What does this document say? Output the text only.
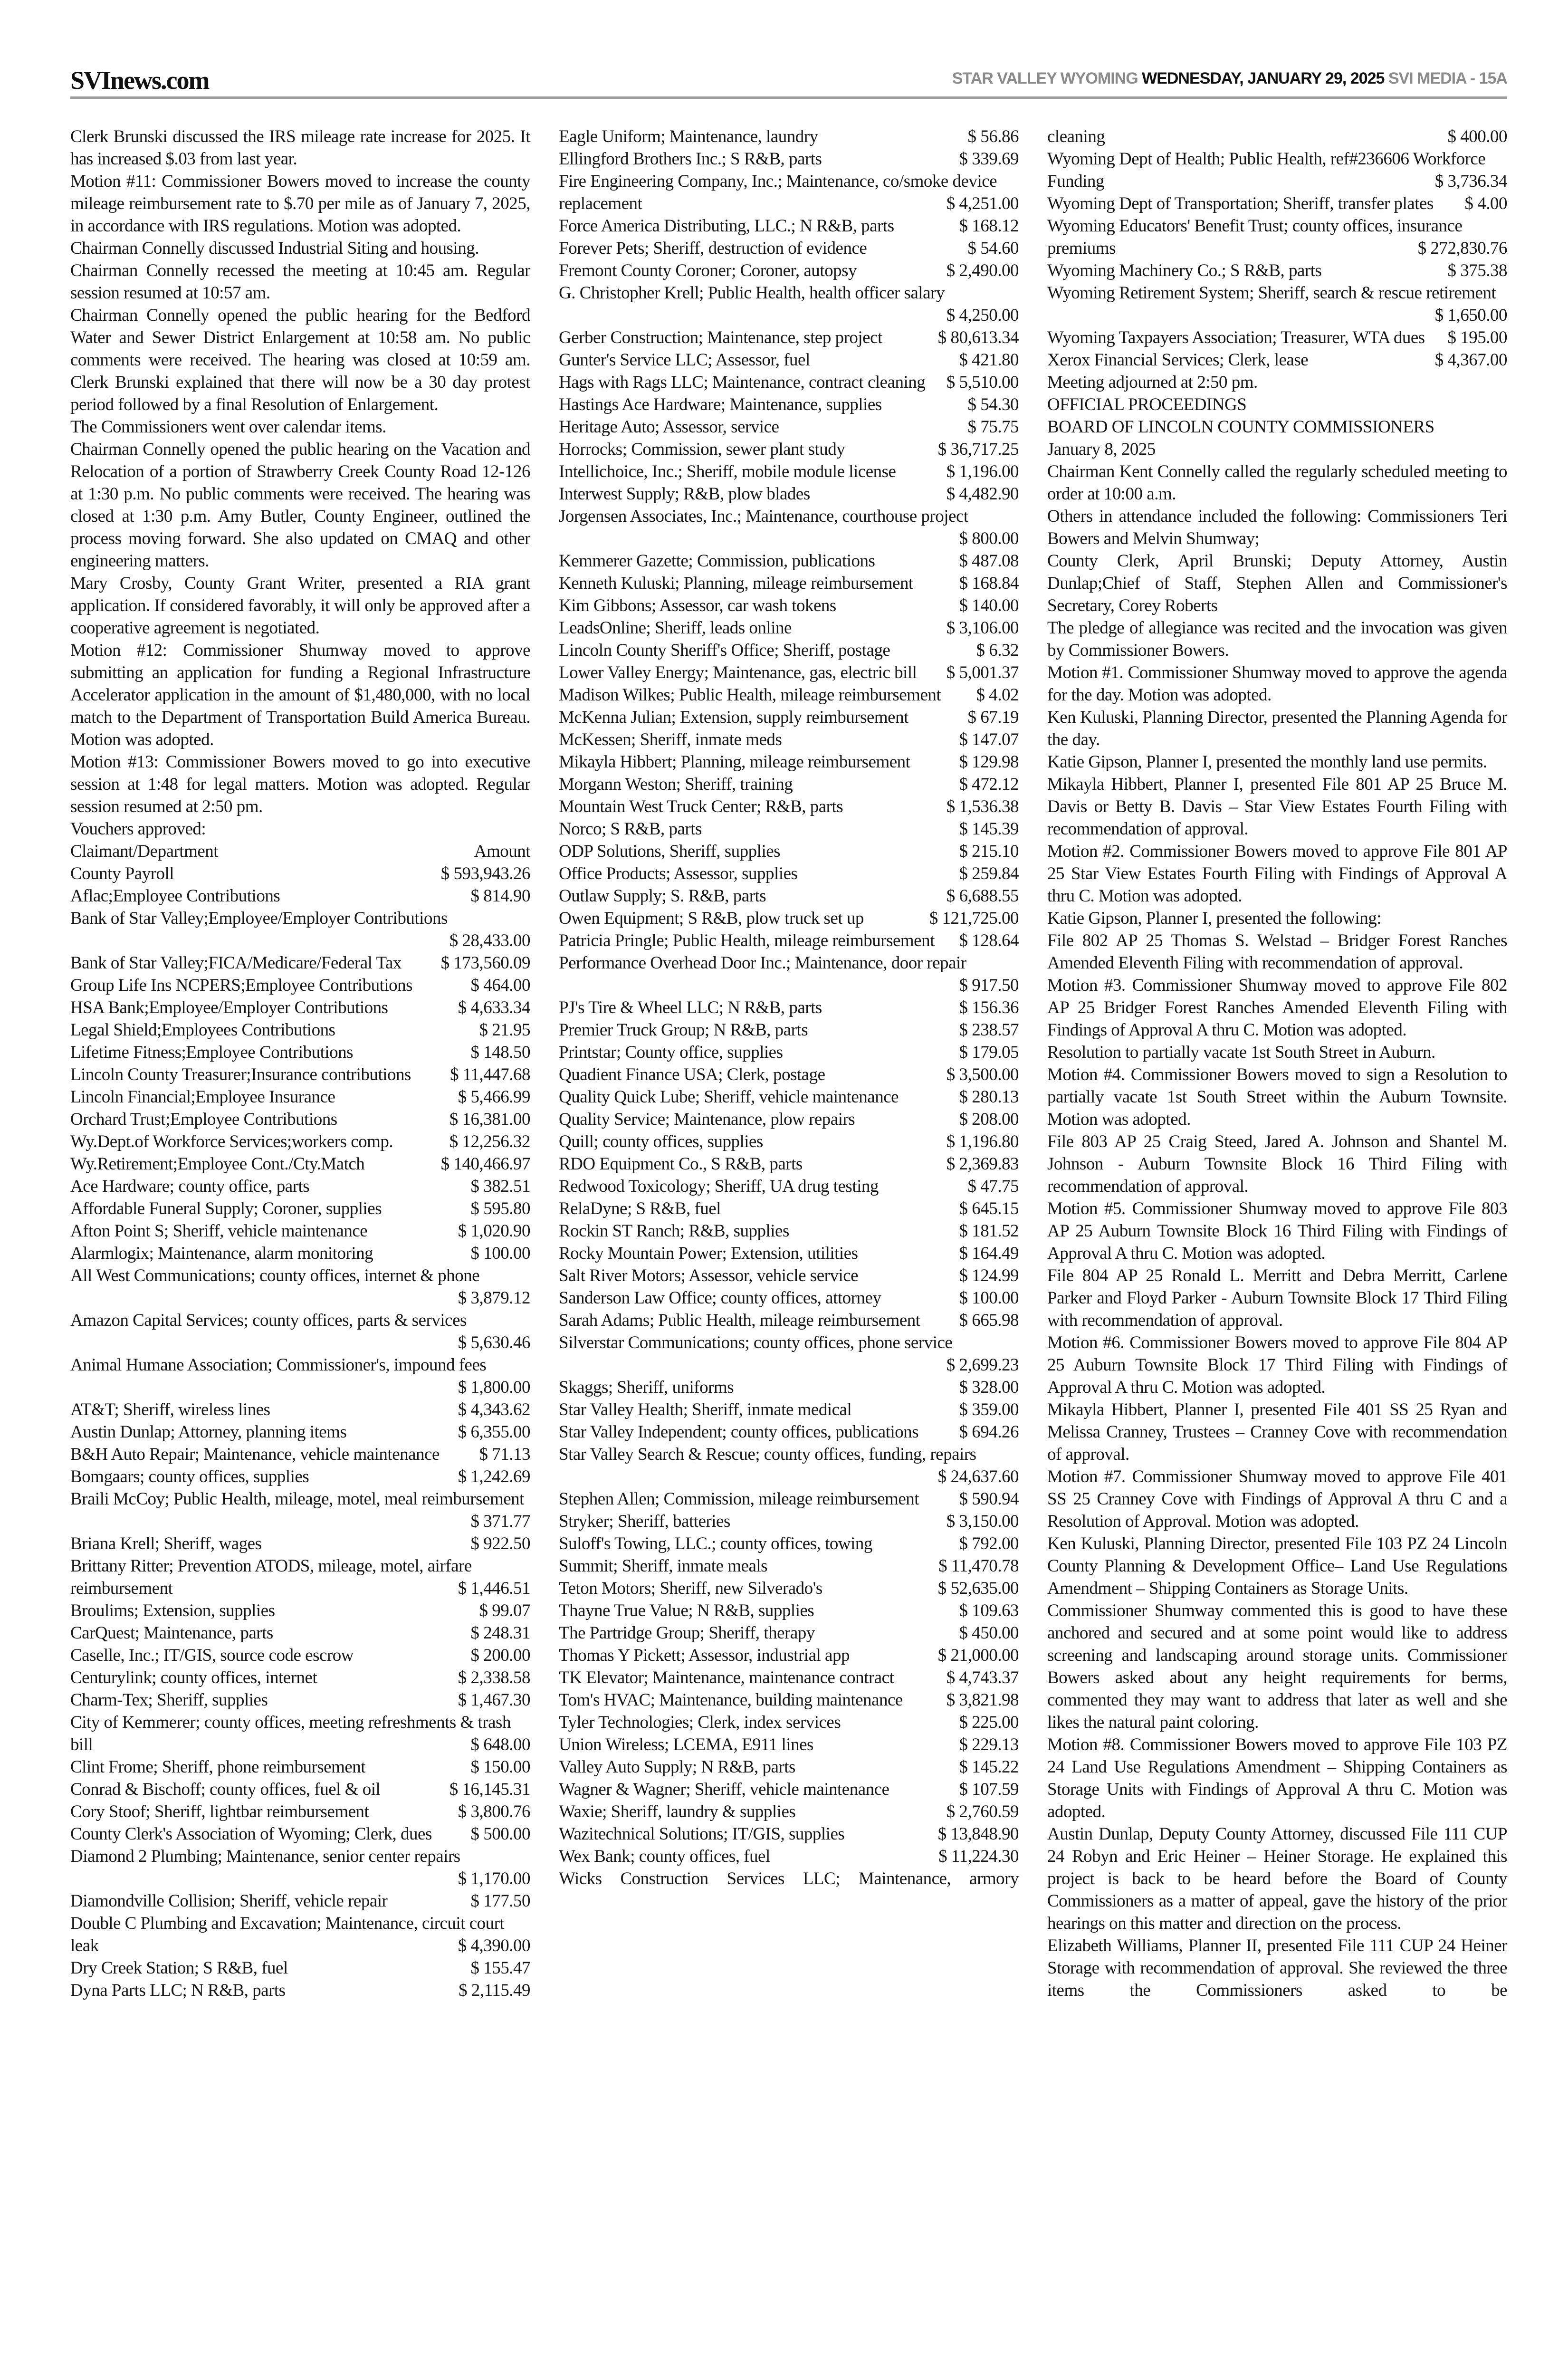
SVInews.com	STAR VALLEY WYOMING WEDNESDAY, JANUARY 29, 2025 SVI MEDIA - 15A
Clerk Brunski discussed the IRS mileage rate increase for 2025. It has increased $.03 from last year.
Motion #11: Commissioner Bowers moved to increase the county mileage reimbursement rate to $.70 per mile as of January 7, 2025, in accordance with IRS regulations. Motion was adopted.
Chairman Connelly discussed Industrial Siting and housing.
Chairman Connelly recessed the meeting at 10:45 am. Regular session resumed at 10:57 am.
Chairman Connelly opened the public hearing for the Bedford Water and Sewer District Enlargement at 10:58 am. No public comments were received. The hearing was closed at 10:59 am. Clerk Brunski explained that there will now be a 30 day protest period followed by a final Resolution of Enlargement.
The Commissioners went over calendar items.
Chairman Connelly opened the public hearing on the Vacation and Relocation of a portion of Strawberry Creek County Road 12-126 at 1:30 p.m. No public comments were received. The hearing was closed at 1:30 p.m. Amy Butler, County Engineer, outlined the process moving forward. She also updated on CMAQ and other engineering matters.
Mary Crosby, County Grant Writer, presented a RIA grant application. If considered favorably, it will only be approved after a cooperative agreement is negotiated.
Motion #12: Commissioner Shumway moved to approve submitting an application for funding a Regional Infrastructure Accelerator application in the amount of $1,480,000, with no local match to the Department of Transportation Build America Bureau. Motion was adopted.
Motion #13: Commissioner Bowers moved to go into executive session at 1:48 for legal matters. Motion was adopted. Regular session resumed at 2:50 pm.
Vouchers approved:
Claimant/Department	Amount
County Payroll	$ 593,943.26
Aflac;Employee Contributions	$ 814.90
Bank of Star Valley;Employee/Employer Contributions
$ 28,433.00
Bank of Star Valley;FICA/Medicare/Federal Tax $ 173,560.09
Group Life Ins NCPERS;Employee Contributions	$ 464.00
HSA Bank;Employee/Employer Contributions	$ 4,633.34
Legal Shield;Employees Contributions	$ 21.95
Lifetime Fitness;Employee Contributions	$ 148.50
Lincoln County Treasurer;Insurance contributions $ 11,447.68
Lincoln Financial;Employee Insurance	$ 5,466.99
Orchard Trust;Employee Contributions	$ 16,381.00
Wy.Dept.of Workforce Services;workers comp.	$ 12,256.32
Wy.Retirement;Employee Cont./Cty.Match	$ 140,466.97
Ace Hardware; county office, parts	$ 382.51
Affordable Funeral Supply; Coroner, supplies	$ 595.80
Afton Point S; Sheriff, vehicle maintenance	$ 1,020.90
Alarmlogix; Maintenance, alarm monitoring	$ 100.00
All West Communications; county offices, internet & phone
$ 3,879.12
Amazon Capital Services; county offices, parts & services
$ 5,630.46
Animal Humane Association; Commissioner's, impound fees
$ 1,800.00
AT&T; Sheriff, wireless lines	$ 4,343.62
Austin Dunlap; Attorney, planning items	$ 6,355.00
B&H Auto Repair; Maintenance, vehicle maintenance $ 71.13
Bomgaars; county offices, supplies	$ 1,242.69
Braili McCoy; Public Health, mileage, motel, meal reimbursement
$ 371.77
Briana Krell; Sheriff, wages	$ 922.50
Brittany Ritter; Prevention ATODS, mileage, motel, airfare reimbursement	$ 1,446.51
Broulims; Extension, supplies	$ 99.07
CarQuest; Maintenance, parts	$ 248.31
Caselle, Inc.; IT/GIS, source code escrow	$ 200.00
Centurylink; county offices, internet	$ 2,338.58
Charm-Tex; Sheriff, supplies	$ 1,467.30
City of Kemmerer; county offices, meeting refreshments & trash bill	$ 648.00
Clint Frome; Sheriff, phone reimbursement	$ 150.00
Conrad & Bischoff; county offices, fuel & oil	$ 16,145.31
Cory Stoof; Sheriff, lightbar reimbursement	$ 3,800.76
County Clerk's Association of Wyoming; Clerk, dues $ 500.00
Diamond 2 Plumbing; Maintenance, senior center repairs
$ 1,170.00
Diamondville Collision; Sheriff, vehicle repair	$ 177.50
Double C Plumbing and Excavation; Maintenance, circuit court leak	$ 4,390.00
Dry Creek Station; S R&B, fuel	$ 155.47
Dyna Parts LLC; N R&B, parts	$ 2,115.49
Eagle Uniform; Maintenance, laundry	$ 56.86
Ellingford Brothers Inc.; S R&B, parts	$ 339.69
Fire Engineering Company, Inc.; Maintenance, co/smoke device replacement	$ 4,251.00
Force America Distributing, LLC.; N R&B, parts	$ 168.12
Forever Pets; Sheriff, destruction of evidence	$ 54.60
Fremont County Coroner; Coroner, autopsy	$ 2,490.00
G. Christopher Krell; Public Health, health officer salary
$ 4,250.00
Gerber Construction; Maintenance, step project	$ 80,613.34
Gunter's Service LLC; Assessor, fuel	$ 421.80
Hags with Rags LLC; Maintenance, contract cleaning $ 5,510.00
Hastings Ace Hardware; Maintenance, supplies	$ 54.30
Heritage Auto; Assessor, service	$ 75.75
Horrocks; Commission, sewer plant study	$ 36,717.25
Intellichoice, Inc.; Sheriff, mobile module license	$ 1,196.00
Interwest Supply; R&B, plow blades	$ 4,482.90
Jorgensen Associates, Inc.; Maintenance, courthouse project
$ 800.00
Kemmerer Gazette; Commission, publications	$ 487.08
Kenneth Kuluski; Planning, mileage reimbursement	$ 168.84
Kim Gibbons; Assessor, car wash tokens	$ 140.00
LeadsOnline; Sheriff, leads online	$ 3,106.00
Lincoln County Sheriff's Office; Sheriff, postage	$ 6.32
Lower Valley Energy; Maintenance, gas, electric bill $ 5,001.37
Madison Wilkes; Public Health, mileage reimbursement $ 4.02
McKenna Julian; Extension, supply reimbursement	$ 67.19
McKessen; Sheriff, inmate meds	$ 147.07
Mikayla Hibbert; Planning, mileage reimbursement	$ 129.98
Morgann Weston; Sheriff, training	$ 472.12
Mountain West Truck Center; R&B, parts	$ 1,536.38
Norco; S R&B, parts	$ 145.39
ODP Solutions, Sheriff, supplies	$ 215.10
Office Products; Assessor, supplies	$ 259.84
Outlaw Supply; S. R&B, parts	$ 6,688.55
Owen Equipment; S R&B, plow truck set up	$ 121,725.00
Patricia Pringle; Public Health, mileage reimbursement $ 128.64
Performance Overhead Door Inc.; Maintenance, door repair
$ 917.50
PJ's Tire & Wheel LLC; N R&B, parts	$ 156.36
Premier Truck Group; N R&B, parts	$ 238.57
Printstar; County office, supplies	$ 179.05
Quadient Finance USA; Clerk, postage	$ 3,500.00
Quality Quick Lube; Sheriff, vehicle maintenance	$ 280.13
Quality Service; Maintenance, plow repairs	$ 208.00
Quill; county offices, supplies	$ 1,196.80
RDO Equipment Co., S R&B, parts	$ 2,369.83
Redwood Toxicology; Sheriff, UA drug testing	$ 47.75
RelaDyne; S R&B, fuel	$ 645.15
Rockin ST Ranch; R&B, supplies	$ 181.52
Rocky Mountain Power; Extension, utilities	$ 164.49
Salt River Motors; Assessor, vehicle service	$ 124.99
Sanderson Law Office; county offices, attorney	$ 100.00
Sarah Adams; Public Health, mileage reimbursement $ 665.98
Silverstar Communications; county offices, phone service
$ 2,699.23
Skaggs; Sheriff, uniforms	$ 328.00
Star Valley Health; Sheriff, inmate medical	$ 359.00
Star Valley Independent; county offices, publications $ 694.26
Star Valley Search & Rescue; county offices, funding, repairs
$ 24,637.60
Stephen Allen; Commission, mileage reimbursement $ 590.94
Stryker; Sheriff, batteries	$ 3,150.00
Suloff's Towing, LLC.; county offices, towing	$ 792.00
Summit; Sheriff, inmate meals	$ 11,470.78
Teton Motors; Sheriff, new Silverado's	$ 52,635.00
Thayne True Value; N R&B, supplies	$ 109.63
The Partridge Group; Sheriff, therapy	$ 450.00
Thomas Y Pickett; Assessor, industrial app	$ 21,000.00
TK Elevator; Maintenance, maintenance contract	$ 4,743.37
Tom's HVAC; Maintenance, building maintenance $ 3,821.98
Tyler Technologies; Clerk, index services	$ 225.00
Union Wireless; LCEMA, E911 lines	$ 229.13
Valley Auto Supply; N R&B, parts	$ 145.22
Wagner & Wagner; Sheriff, vehicle maintenance	$ 107.59
Waxie; Sheriff, laundry & supplies	$ 2,760.59
Wazitechnical Solutions; IT/GIS, supplies	$ 13,848.90
Wex Bank; county offices, fuel	$ 11,224.30
Wicks Construction Services LLC; Maintenance, armory
cleaning	$ 400.00
Wyoming Dept of Health; Public Health, ref#236606 Workforce Funding	$ 3,736.34
Wyoming Dept of Transportation; Sheriff, transfer plates $ 4.00
Wyoming Educators' Benefit Trust; county offices, insurance premiums	$ 272,830.76
Wyoming Machinery Co.; S R&B, parts	$ 375.38
Wyoming Retirement System; Sheriff, search & rescue retirement
$ 1,650.00
Wyoming Taxpayers Association; Treasurer, WTA dues $ 195.00
Xerox Financial Services; Clerk, lease	$ 4,367.00
Meeting adjourned at 2:50 pm.
OFFICIAL PROCEEDINGS
BOARD OF LINCOLN COUNTY COMMISSIONERS
January 8, 2025
Chairman Kent Connelly called the regularly scheduled meeting to order at 10:00 a.m.
Others in attendance included the following: Commissioners Teri Bowers and Melvin Shumway;
County Clerk, April Brunski; Deputy Attorney, Austin Dunlap;Chief of Staff, Stephen Allen and Commissioner's Secretary, Corey Roberts
The pledge of allegiance was recited and the invocation was given by Commissioner Bowers.
Motion #1. Commissioner Shumway moved to approve the agenda for the day. Motion was adopted.
Ken Kuluski, Planning Director, presented the Planning Agenda for the day.
Katie Gipson, Planner I, presented the monthly land use permits.
Mikayla Hibbert, Planner I, presented File 801 AP 25 Bruce M. Davis or Betty B. Davis – Star View Estates Fourth Filing with recommendation of approval.
Motion #2. Commissioner Bowers moved to approve File 801 AP 25 Star View Estates Fourth Filing with Findings of Approval A thru C. Motion was adopted.
Katie Gipson, Planner I, presented the following:
File 802 AP 25 Thomas S. Welstad – Bridger Forest Ranches Amended Eleventh Filing with recommendation of approval.
Motion #3. Commissioner Shumway moved to approve File 802 AP 25 Bridger Forest Ranches Amended Eleventh Filing with Findings of Approval A thru C. Motion was adopted.
Resolution to partially vacate 1st South Street in Auburn.
Motion #4. Commissioner Bowers moved to sign a Resolution to partially vacate 1st South Street within the Auburn Townsite. Motion was adopted.
File 803 AP 25 Craig Steed, Jared A. Johnson and Shantel M. Johnson - Auburn Townsite Block 16 Third Filing with recommendation of approval.
Motion #5. Commissioner Shumway moved to approve File 803 AP 25 Auburn Townsite Block 16 Third Filing with Findings of Approval A thru C. Motion was adopted.
File 804 AP 25 Ronald L. Merritt and Debra Merritt, Carlene Parker and Floyd Parker - Auburn Townsite Block 17 Third Filing with recommendation of approval.
Motion #6. Commissioner Bowers moved to approve File 804 AP 25 Auburn Townsite Block 17 Third Filing with Findings of Approval A thru C. Motion was adopted.
Mikayla Hibbert, Planner I, presented File 401 SS 25 Ryan and Melissa Cranney, Trustees – Cranney Cove with recommendation of approval.
Motion #7. Commissioner Shumway moved to approve File 401 SS 25 Cranney Cove with Findings of Approval A thru C and a Resolution of Approval. Motion was adopted.
Ken Kuluski, Planning Director, presented File 103 PZ 24 Lincoln County Planning & Development Office– Land Use Regulations Amendment – Shipping Containers as Storage Units.
Commissioner Shumway commented this is good to have these anchored and secured and at some point would like to address screening and landscaping around storage units. Commissioner Bowers asked about any height requirements for berms, commented they may want to address that later as well and she likes the natural paint coloring.
Motion #8. Commissioner Bowers moved to approve File 103 PZ 24 Land Use Regulations Amendment – Shipping Containers as Storage Units with Findings of Approval A thru C. Motion was adopted.
Austin Dunlap, Deputy County Attorney, discussed File 111 CUP 24 Robyn and Eric Heiner – Heiner Storage. He explained this project is back to be heard before the Board of County Commissioners as a matter of appeal, gave the history of the prior hearings on this matter and direction on the process.
Elizabeth Williams, Planner II, presented File 111 CUP 24 Heiner Storage with recommendation of approval. She reviewed the three items the Commissioners asked to be
